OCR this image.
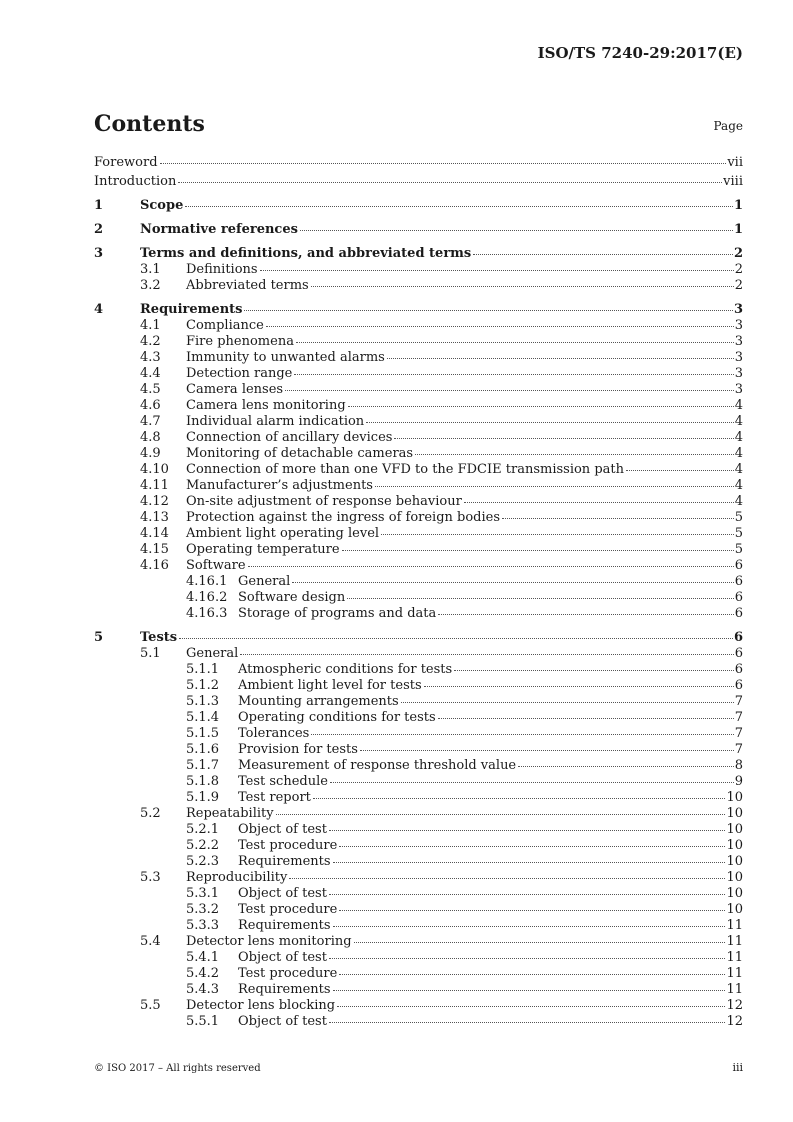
ISO/TS 7240-29:2017(E)
Contents	Page
Foreword	vii
Introduction	viii
1	Scope	1
2	Normative references	1
3	Terms and definitions, and abbreviated terms	2
3.1	Definitions	2
3.2	Abbreviated terms	2
4	Requirements	3
4.1	Compliance	3
4.2	Fire phenomena	3
4.3	Immunity to unwanted alarms	3
4.4	Detection range	3
4.5	Camera lenses	3
4.6	Camera lens monitoring	4
4.7	Individual alarm indication	4
4.8	Connection of ancillary devices	4
4.9	Monitoring of detachable cameras	4
4.10	Connection of more than one VFD to the FDCIE transmission path	4
4.11	Manufacturer’s adjustments	4
4.12	On-site adjustment of response behaviour	4
4.13	Protection against the ingress of foreign bodies	5
4.14	Ambient light operating level	5
4.15	Operating temperature	5
4.16	Software	6
4.16.1 General	6
4.16.2 Software design	6
4.16.3 Storage of programs and data	6
5	Tests	6
5.1	General	6
5.1.1	Atmospheric conditions for tests	6
5.1.2	Ambient light level for tests	6
5.1.3	Mounting arrangements	7
5.1.4	Operating conditions for tests	7
5.1.5	Tolerances	7
5.1.6	Provision for tests	7
5.1.7	Measurement of response threshold value	8
5.1.8	Test schedule	9
5.1.9	Test report	10
5.2	Repeatability	10
5.2.1	Object of test	10
5.2.2	Test procedure	10
5.2.3	Requirements	10
5.3	Reproducibility	10
5.3.1	Object of test	10
5.3.2	Test procedure	10
5.3.3	Requirements	11
5.4	Detector lens monitoring	11
5.4.1	Object of test	11
5.4.2	Test procedure	11
5.4.3	Requirements	11
5.5	Detector lens blocking	12
5.5.1	Object of test	12
© ISO 2017 – All rights reserved	iii
